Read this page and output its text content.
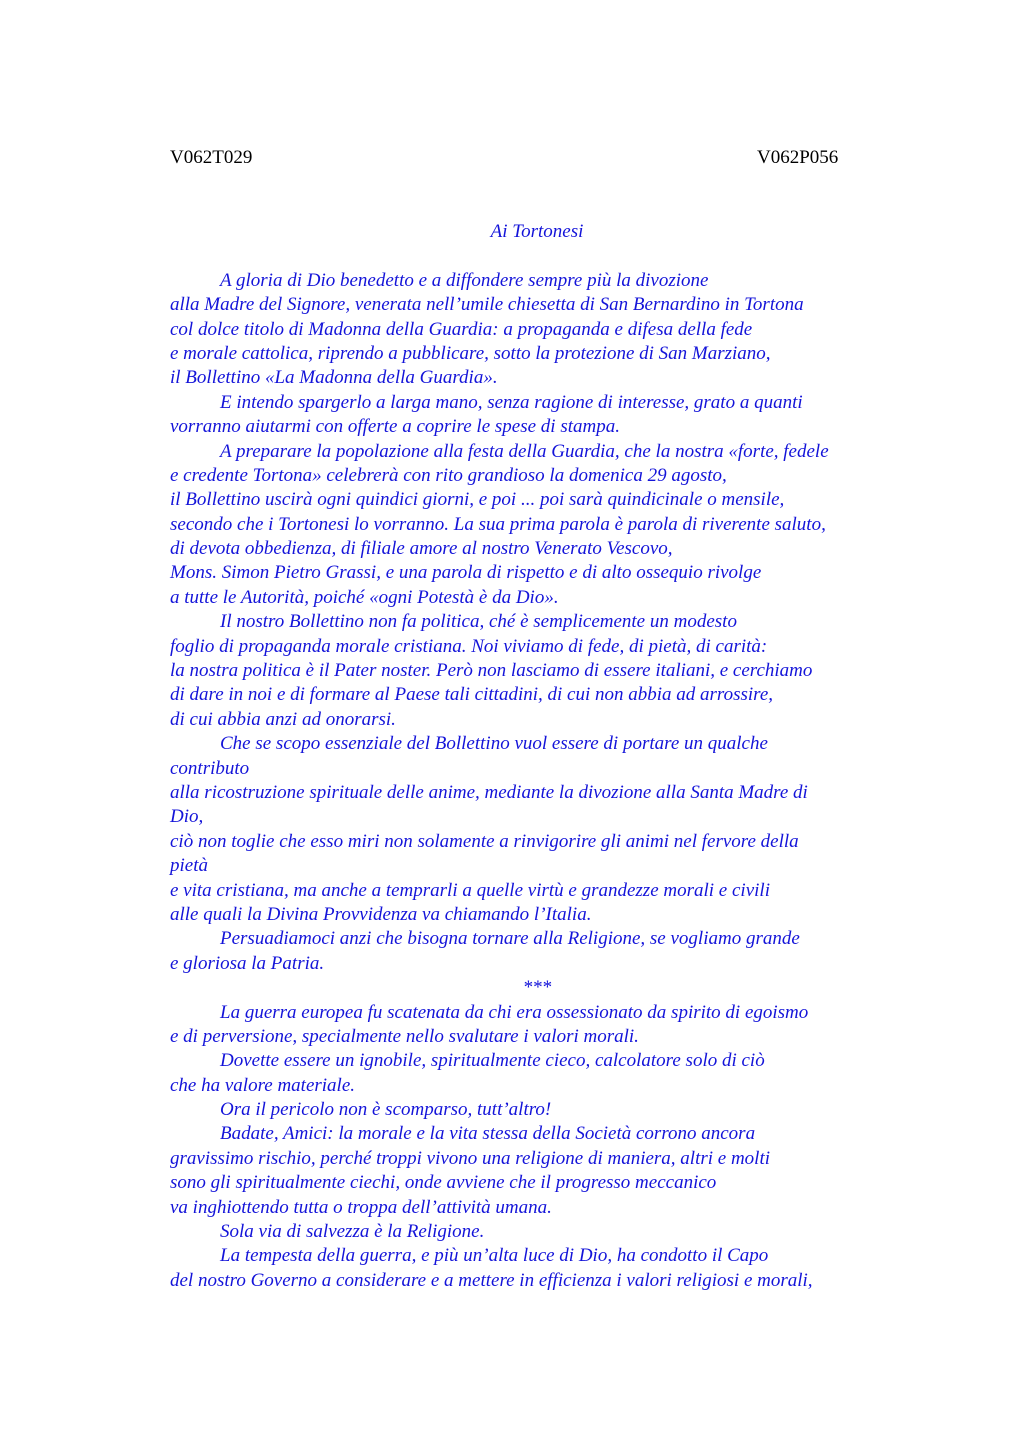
V062T029	V062P056
Ai Tortonesi
A gloria di Dio benedetto e a diffondere sempre più la divozione
alla Madre del Signore, venerata nell’umile chiesetta di San Bernardino in Tortona
col dolce titolo di Madonna della Guardia: a propaganda e difesa della fede
e morale cattolica, riprendo a pubblicare, sotto la protezione di San Marziano,
il Bollettino «La Madonna della Guardia».
E intendo spargerlo a larga mano, senza ragione di interesse, grato a quanti
vorranno aiutarmi con offerte a coprire le spese di stampa.
A preparare la popolazione alla festa della Guardia, che la nostra «forte, fedele
e credente Tortona» celebrerà con rito grandioso la domenica 29 agosto,
il Bollettino uscirà ogni quindici giorni, e poi ... poi sarà quindicinale o mensile,
secondo che i Tortonesi lo vorranno. La sua prima parola è parola di riverente saluto,
di devota obbedienza, di filiale amore al nostro Venerato Vescovo,
Mons. Simon Pietro Grassi, e una parola di rispetto e di alto ossequio rivolge
a tutte le Autorità, poiché «ogni Potestà è da Dio».
Il nostro Bollettino non fa politica, ché è semplicemente un modesto
foglio di propaganda morale cristiana. Noi viviamo di fede, di pietà, di carità:
la nostra politica è il Pater noster. Però non lasciamo di essere italiani, e cerchiamo
di dare in noi e di formare al Paese tali cittadini, di cui non abbia ad arrossire,
di cui abbia anzi ad onorarsi.
Che se scopo essenziale del Bollettino vuol essere di portare un qualche
contributo
alla ricostruzione spirituale delle anime, mediante la divozione alla Santa Madre di
Dio,
ciò non toglie che esso miri non solamente a rinvigorire gli animi nel fervore della
pietà
e vita cristiana, ma anche a temprarli a quelle virtù e grandezze morali e civili
alle quali la Divina Provvidenza va chiamando l’Italia.
Persuadiamoci anzi che bisogna tornare alla Religione, se vogliamo grande
e gloriosa la Patria.
***
La guerra europea fu scatenata da chi era ossessionato da spirito di egoismo
e di perversione, specialmente nello svalutare i valori morali.
Dovette essere un ignobile, spiritualmente cieco, calcolatore solo di ciò
che ha valore materiale.
Ora il pericolo non è scomparso, tutt’altro!
Badate, Amici: la morale e la vita stessa della Società corrono ancora
gravissimo rischio, perché troppi vivono una religione di maniera, altri e molti
sono gli spiritualmente ciechi, onde avviene che il progresso meccanico
va inghiottendo tutta o troppa dell’attività umana.
Sola via di salvezza è la Religione.
La tempesta della guerra, e più un’alta luce di Dio, ha condotto il Capo
del nostro Governo a considerare e a mettere in efficienza i valori religiosi e morali,
